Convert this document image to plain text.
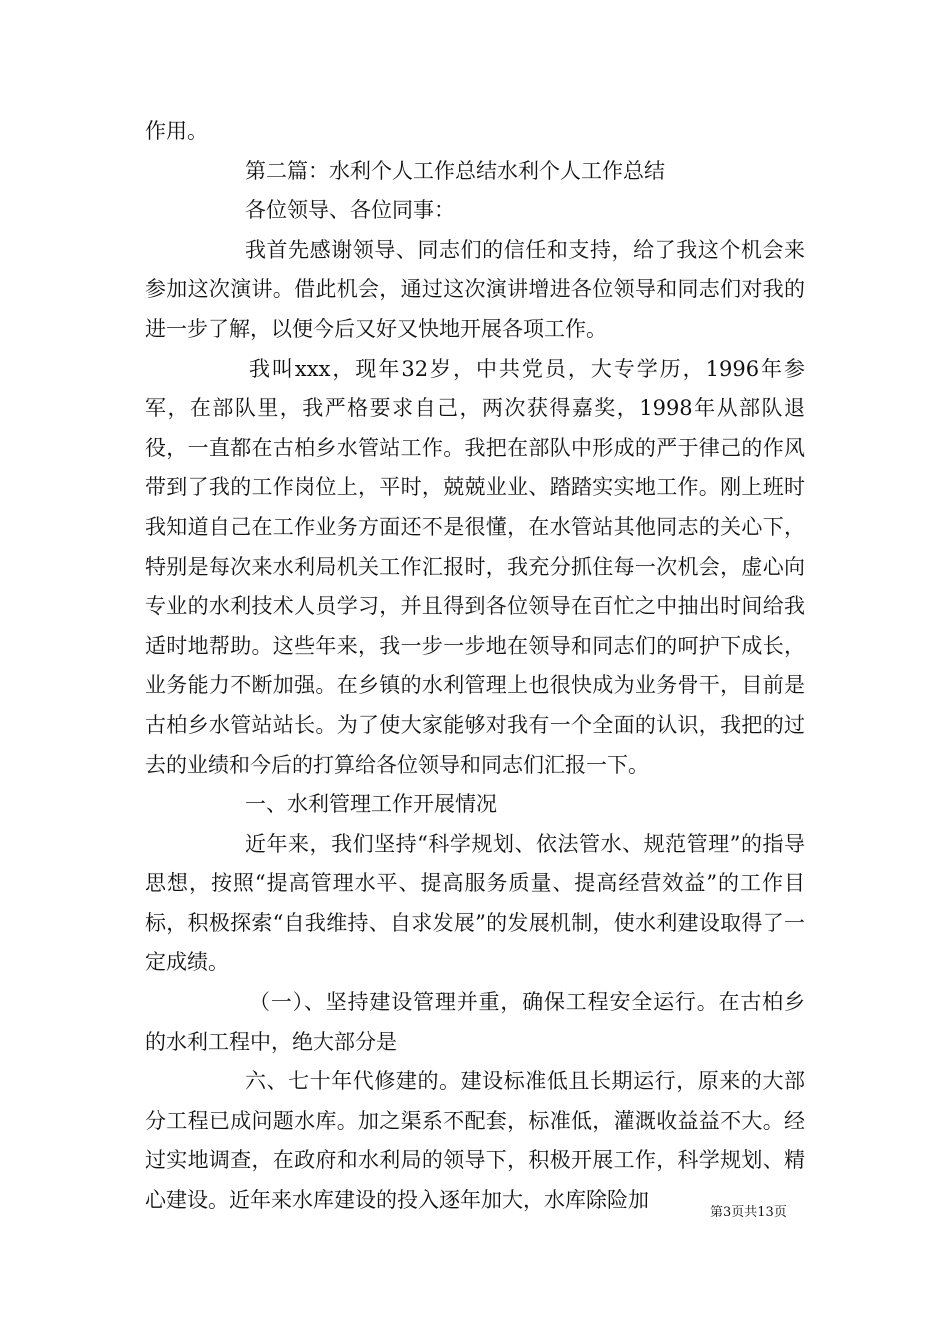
作用。

第二篇：水利个人工作总结水利个人工作总结

各位领导、各位同事：

我首先感谢领导、同志们的信任和支持，给了我这个机会来参加这次演讲。借此机会，通过这次演讲增进各位领导和同志们对我的进一步了解，以便今后又好又快地开展各项工作。

我叫xxx，现年32岁，中共党员，大专学历，1996年参军，在部队里，我严格要求自己，两次获得嘉奖，1998年从部队退役，一直都在古柏乡水管站工作。我把在部队中形成的严于律己的作风带到了我的工作岗位上，平时，兢兢业业、踏踏实实地工作。刚上班时我知道自己在工作业务方面还不是很懂，在水管站其他同志的关心下，特别是每次来水利局机关工作汇报时，我充分抓住每一次机会，虚心向专业的水利技术人员学习，并且得到各位领导在百忙之中抽出时间给我适时地帮助。这些年来，我一步一步地在领导和同志们的呵护下成长，业务能力不断加强。在乡镇的水利管理上也很快成为业务骨干，目前是古柏乡水管站站长。为了使大家能够对我有一个全面的认识，我把的过去的业绩和今后的打算给各位领导和同志们汇报一下。

一、水利管理工作开展情况

近年来，我们坚持“科学规划、依法管水、规范管理”的指导思想，按照“提高管理水平、提高服务质量、提高经营效益”的工作目标，积极探索“自我维持、自求发展”的发展机制，使水利建设取得了一定成绩。

（一）、坚持建设管理并重，确保工程安全运行。在古柏乡的水利工程中，绝大部分是

六、七十年代修建的。建设标准低且长期运行，原来的大部分工程已成问题水库。加之渠系不配套，标准低，灌溉收益益不大。经过实地调查，在政府和水利局的领导下，积极开展工作，科学规划、精心建设。近年来水库建设的投入逐年加大，水库除险加

第3页共13页
